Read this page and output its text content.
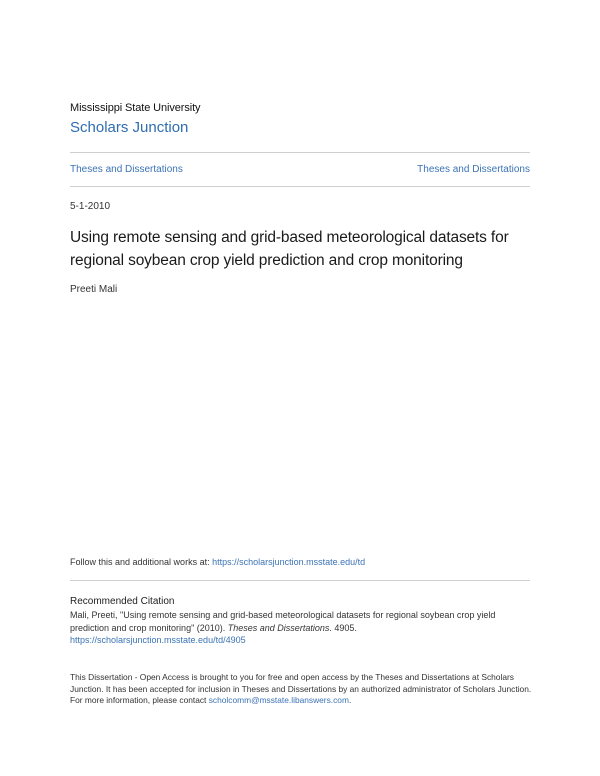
Mississippi State University
Scholars Junction
Theses and Dissertations	Theses and Dissertations
5-1-2010
Using remote sensing and grid-based meteorological datasets for regional soybean crop yield prediction and crop monitoring
Preeti Mali
Follow this and additional works at: https://scholarsjunction.msstate.edu/td
Recommended Citation
Mali, Preeti, "Using remote sensing and grid-based meteorological datasets for regional soybean crop yield prediction and crop monitoring" (2010). Theses and Dissertations. 4905.
https://scholarsjunction.msstate.edu/td/4905
This Dissertation - Open Access is brought to you for free and open access by the Theses and Dissertations at Scholars Junction. It has been accepted for inclusion in Theses and Dissertations by an authorized administrator of Scholars Junction. For more information, please contact scholcomm@msstate.libanswers.com.
